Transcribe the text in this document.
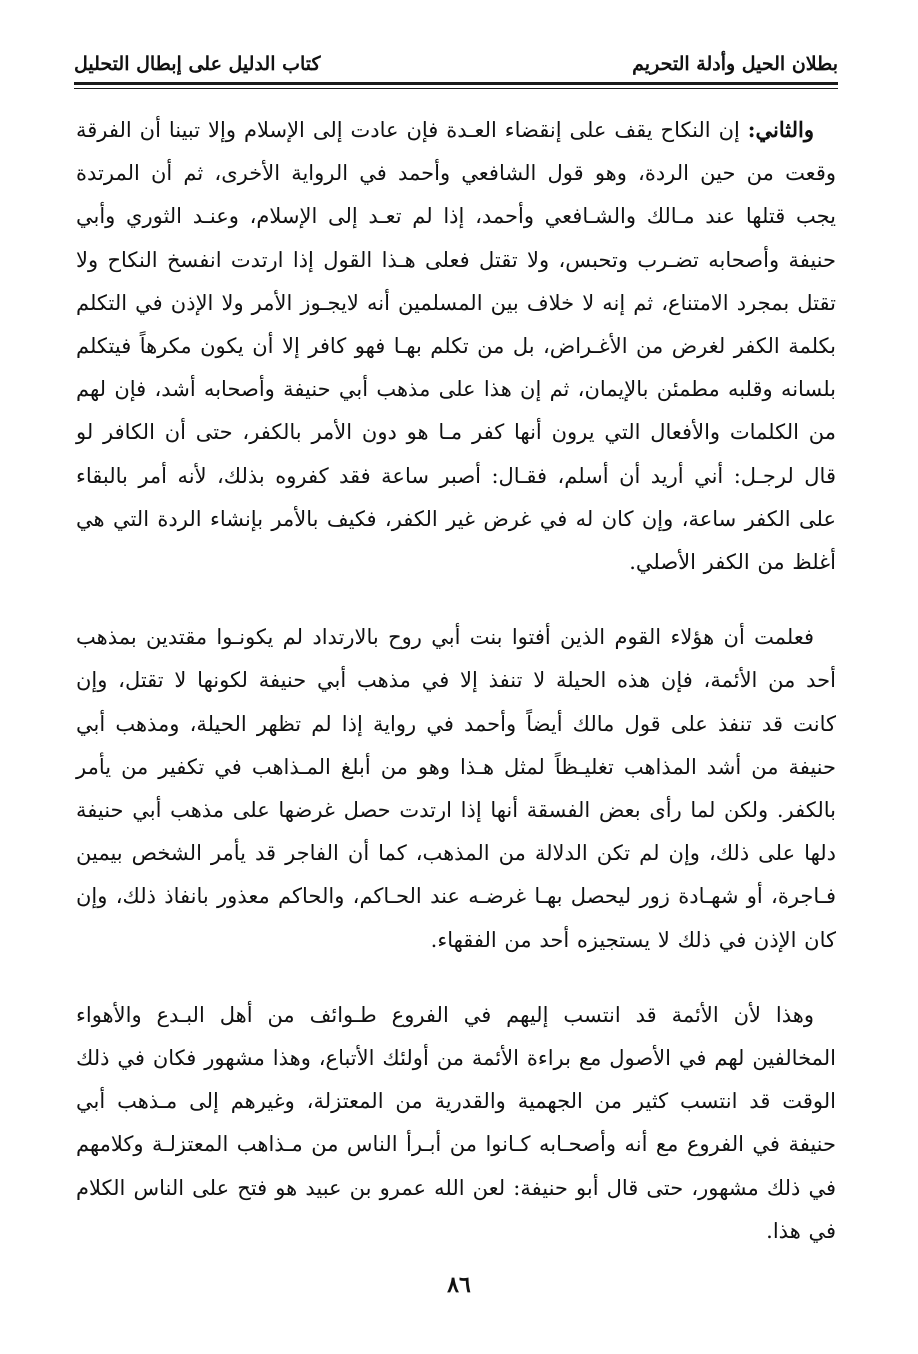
بطلان الحيل وأدلة التحريم
كتاب الدليل على إبطال التحليل

والثاني: إن النكاح يقف على إنقضاء العـدة فإن عادت إلى الإسلام وإلا تبينا أن الفرقة وقعت من حين الردة، وهو قول الشافعي وأحمد في الرواية الأخرى، ثم أن المرتدة يجب قتلها عند مـالك والشـافعي وأحمد، إذا لم تعـد إلى الإسلام، وعنـد الثوري وأبي حنيفة وأصحابه تضـرب وتحبس، ولا تقتل فعلى هـذا القول إذا ارتدت انفسخ النكاح ولا تقتل بمجرد الامتناع، ثم إنه لا خلاف بين المسلمين أنه لايجـوز الأمر ولا الإذن في التكلم بكلمة الكفر لغرض من الأغـراض، بل من تكلم بهـا فهو كافر إلا أن يكون مكرهاً فيتكلم بلسانه وقلبه مطمئن بالإيمان، ثم إن هذا على مذهب أبي حنيفة وأصحابه أشد، فإن لهم من الكلمات والأفعال التي يرون أنها كفر مـا هو دون الأمر بالكفر، حتى أن الكافر لو قال لرجـل: أني أريد أن أسلم، فقـال: أصبر ساعة فقد كفروه بذلك، لأنه أمر بالبقاء على الكفر ساعة، وإن كان له في غرض غير الكفر، فكيف بالأمر بإنشاء الردة التي هي أغلظ من الكفر الأصلي.

فعلمت أن هؤلاء القوم الذين أفتوا بنت أبي روح بالارتداد لم يكونـوا مقتدين بمذهب أحد من الأئمة، فإن هذه الحيلة لا تنفذ إلا في مذهب أبي حنيفة لكونها لا تقتل، وإن كانت قد تنفذ على قول مالك أيضاً وأحمد في رواية إذا لم تظهر الحيلة، ومذهب أبي حنيفة من أشد المذاهب تغليـظاً لمثل هـذا وهو من أبلغ المـذاهب في تكفير من يأمر بالكفر. ولكن لما رأى بعض الفسقة أنها إذا ارتدت حصل غرضها على مذهب أبي حنيفة دلها على ذلك، وإن لم تكن الدلالة من المذهب، كما أن الفاجر قد يأمر الشخص بيمين فـاجرة، أو شهـادة زور ليحصل بهـا غرضـه عند الحـاكم، والحاكم معذور بانفاذ ذلك، وإن كان الإذن في ذلك لا يستجيزه أحد من الفقهاء.

وهذا لأن الأئمة قد انتسب إليهم في الفروع طـوائف من أهل البـدع والأهواء المخالفين لهم في الأصول مع براءة الأئمة من أولئك الأتباع، وهذا مشهور فكان في ذلك الوقت قد انتسب كثير من الجهمية والقدرية من المعتزلة، وغيرهم إلى مـذهب أبي حنيفة في الفروع مع أنه وأصحـابه كـانوا من أبـرأ الناس من مـذاهب المعتزلـة وكلامهم في ذلك مشهور، حتى قال أبو حنيفة: لعن الله عمرو بن عبيد هو فتح على الناس الكلام في هذا.

٨٦
